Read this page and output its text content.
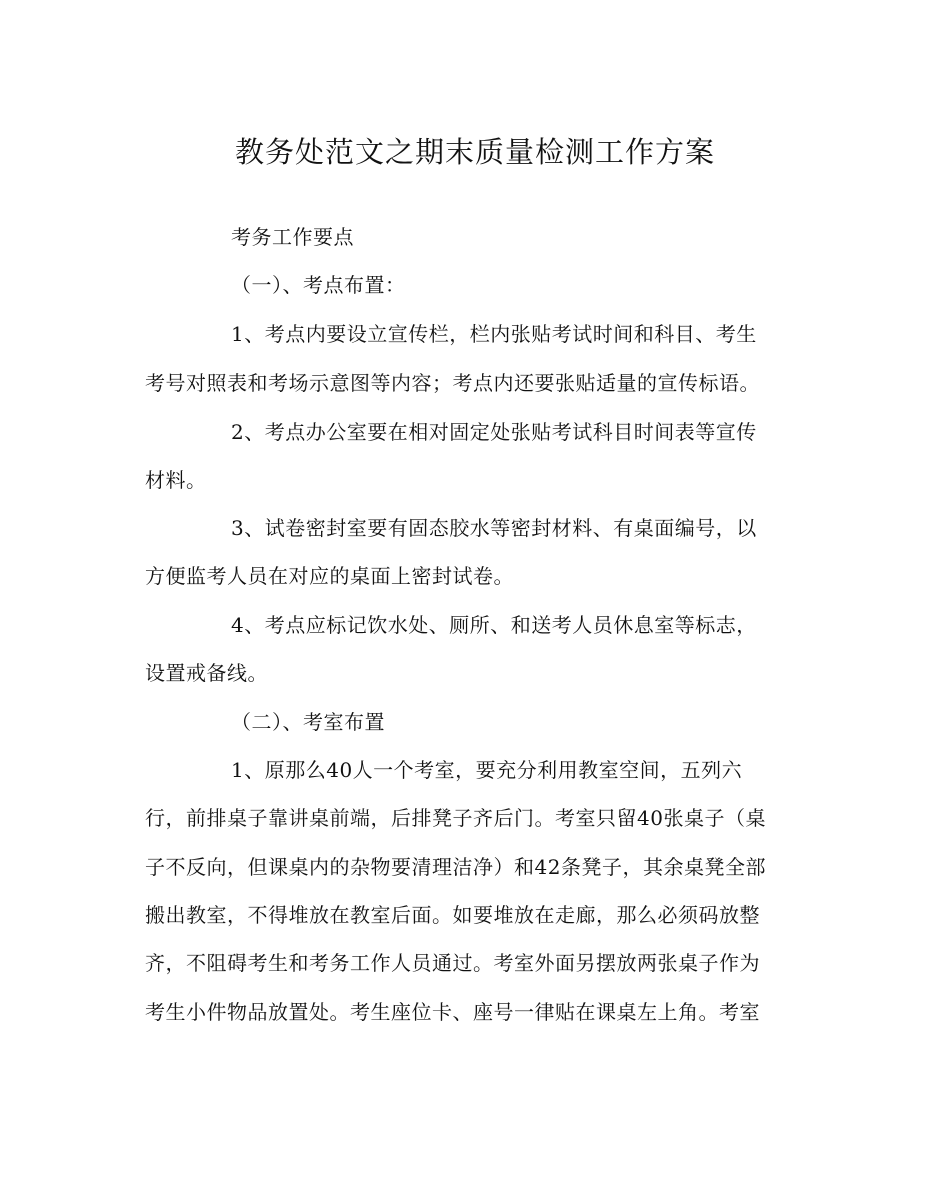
教务处范文之期末质量检测工作方案
考务工作要点
（一）、考点布置：
1、考点内要设立宣传栏，栏内张贴考试时间和科目、考生
考号对照表和考场示意图等内容；考点内还要张贴适量的宣传标语。
2、考点办公室要在相对固定处张贴考试科目时间表等宣传
材料。
3、试卷密封室要有固态胶水等密封材料、有桌面编号，以
方便监考人员在对应的桌面上密封试卷。
4、考点应标记饮水处、厕所、和送考人员休息室等标志，
设置戒备线。
（二）、考室布置
1、原那么40人一个考室，要充分利用教室空间，五列六
行，前排桌子靠讲桌前端，后排凳子齐后门。考室只留40张桌子（桌
子不反向，但课桌内的杂物要清理洁净）和42条凳子，其余桌凳全部
搬出教室，不得堆放在教室后面。如要堆放在走廊，那么必须码放整
齐，不阻碍考生和考务工作人员通过。考室外面另摆放两张桌子作为
考生小件物品放置处。考生座位卡、座号一律贴在课桌左上角。考室
